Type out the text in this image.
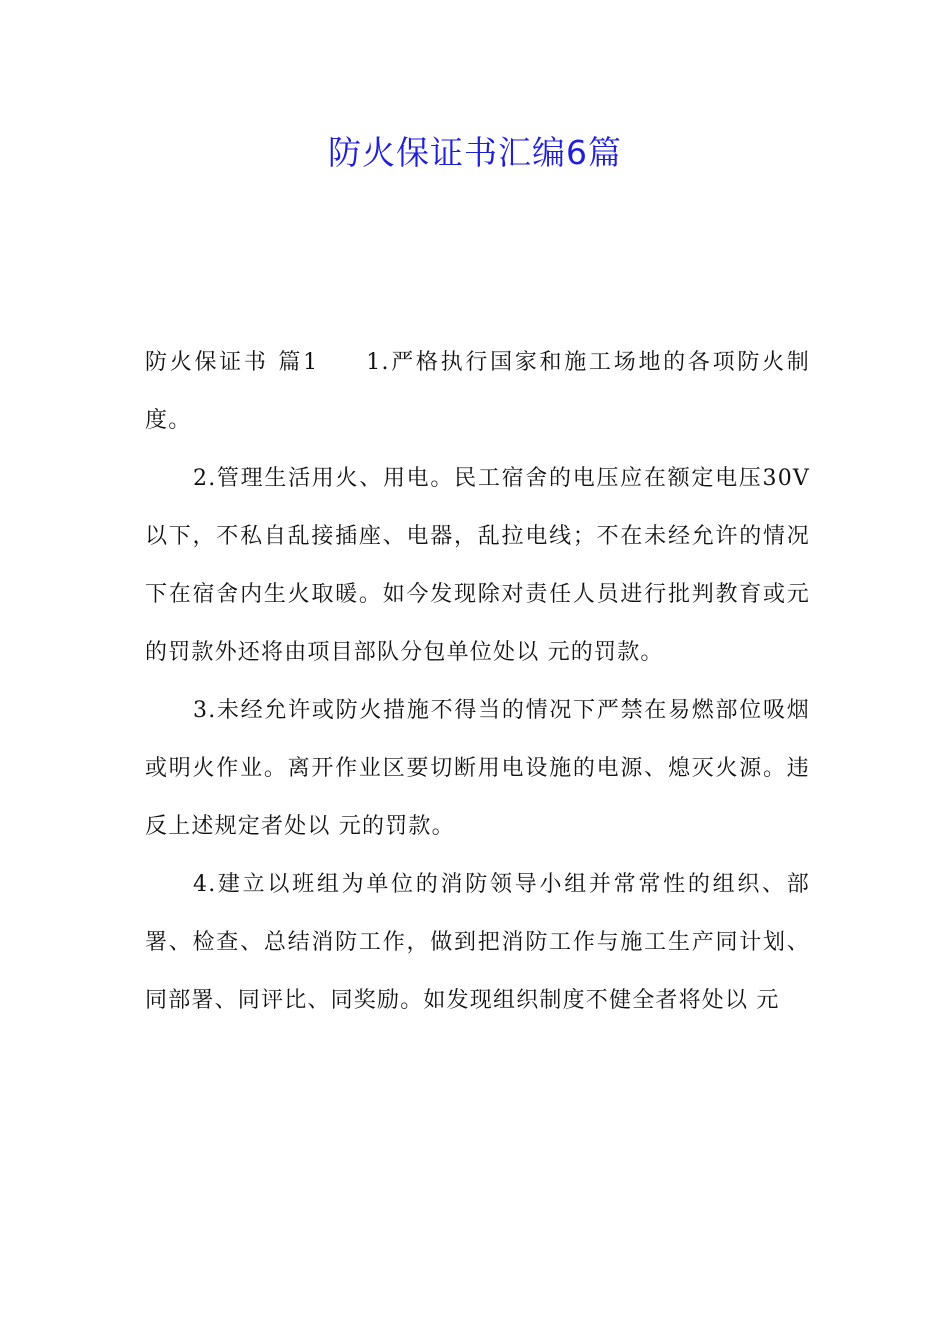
防火保证书汇编6篇

防火保证书 篇1 1.严格执行国家和施工场地的各项防火制度。

2.管理生活用火、用电。民工宿舍的电压应在额定电压30V以下，不私自乱接插座、电器，乱拉电线；不在未经允许的情况下在宿舍内生火取暖。如今发现除对责任人员进行批判教育或元的罚款外还将由项目部队分包单位处以 元的罚款。

3.未经允许或防火措施不得当的情况下严禁在易燃部位吸烟或明火作业。离开作业区要切断用电设施的电源、熄灭火源。违反上述规定者处以 元的罚款。

4.建立以班组为单位的消防领导小组并常常性的组织、部署、检查、总结消防工作，做到把消防工作与施工生产同计划、同部署、同评比、同奖励。如发现组织制度不健全者将处以 元
